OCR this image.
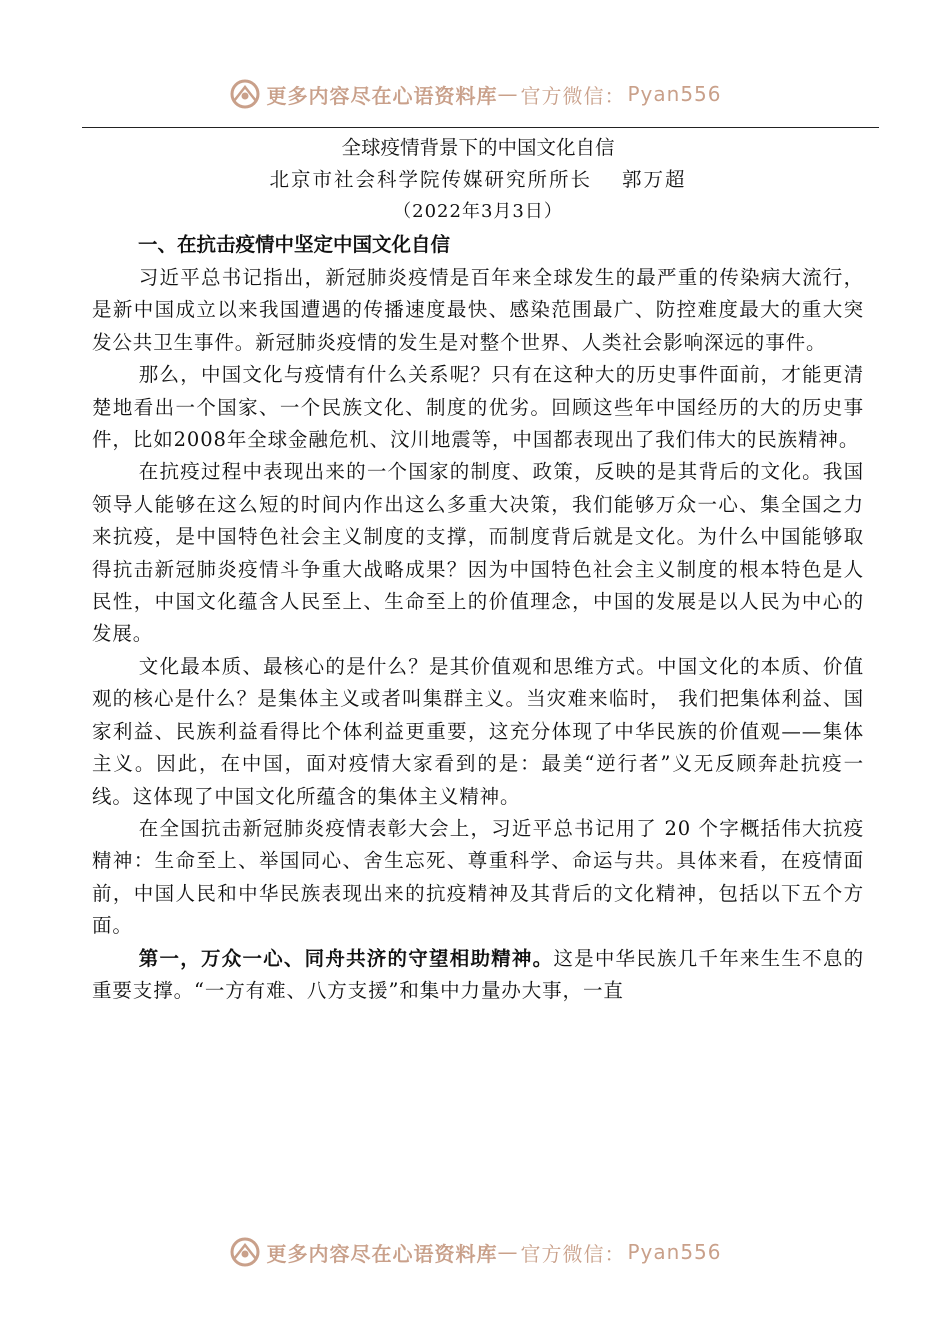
更多内容尽在心语资料库 — 官方微信： Pyan556

全球疫情背景下的中国文化自信

北京市社会科学院传媒研究所所长 郭万超

（2022年3月3日）

一、在抗击疫情中坚定中国文化自信

习近平总书记指出，新冠肺炎疫情是百年来全球发生的最严重的传染病大流行，是新中国成立以来我国遭遇的传播速度最快、感染范围最广、防控难度最大的重大突发公共卫生事件。新冠肺炎疫情的发生是对整个世界、人类社会影响深远的事件。

那么，中国文化与疫情有什么关系呢？只有在这种大的历史事件面前，才能更清楚地看出一个国家、一个民族文化、制度的优劣。回顾这些年中国经历的大的历史事件，比如2008年全球金融危机、汶川地震等，中国都表现出了我们伟大的民族精神。

在抗疫过程中表现出来的一个国家的制度、政策，反映的是其背后的文化。我国领导人能够在这么短的时间内作出这么多重大决策，我们能够万众一心、集全国之力来抗疫，是中国特色社会主义制度的支撑，而制度背后就是文化。为什么中国能够取得抗击新冠肺炎疫情斗争重大战略成果？因为中国特色社会主义制度的根本特色是人民性，中国文化蕴含人民至上、生命至上的价值理念，中国的发展是以人民为中心的发展。

文化最本质、最核心的是什么？是其价值观和思维方式。中国文化的本质、价值观的核心是什么？是集体主义或者叫集群主义。当灾难来临时， 我们把集体利益、国家利益、民族利益看得比个体利益更重要，这充分体现了中华民族的价值观——集体主义。因此，在中国，面对疫情大家看到的是：最美“逆行者”义无反顾奔赴抗疫一线。这体现了中国文化所蕴含的集体主义精神。

在全国抗击新冠肺炎疫情表彰大会上，习近平总书记用了 20 个字概括伟大抗疫精神：生命至上、举国同心、舍生忘死、尊重科学、命运与共。具体来看，在疫情面前，中国人民和中华民族表现出来的抗疫精神及其背后的文化精神，包括以下五个方面。

第一，万众一心、同舟共济的守望相助精神。这是中华民族几千年来生生不息的重要支撑。“一方有难、八方支援”和集中力量办大事，一直

更多内容尽在心语资料库 — 官方微信： Pyan556
